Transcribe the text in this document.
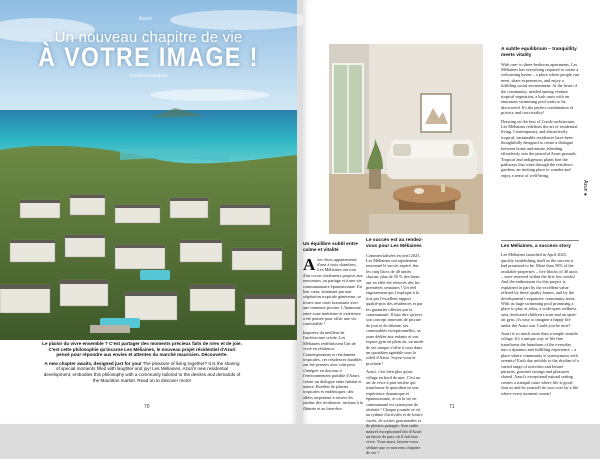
Azuri
Un nouveau chapitre de vie
À VOTRE IMAGE !
Par Elena Baubert

Le plaisir du vivre ensemble ? C'est partager des moments précieux faits de rires et de joie. C'est cette philosophie qu'incarne Les Méliaines, le nouveau projet résidentiel d'Azuri pensé pour répondre aux envies et attentes du marché mauricien. Découverte.

A new chapter awaits, designed just for you! The pleasure of living together? It is the sharing of special moments filled with laughter and joy! Les Méliaines, Azuri's new residential development, embodies this philosophy with a community tailored to the desires and demands of the Mauritian market. Read on to discover more!

70
Un équilibre subtil entre calme et vitalité

Avec leurs appartements d'une à trois chambres, Les Méliaines ont tout d'un cocon chaleureux propice aux rencontres, au partage et à une vie communautaire épanouissante. En leur cœur, dominant par une végétation tropicale généreuse, se trouve une oasis luxuriante avec une immense piscine. L'harmonie entre zone intérieure et extérieure a été pensée pour offrir une vie confortable !

Inspirées du meilleur de l'architecture créole, Les Méliaines redéfinissent l'art de vivre en résidence. Contemporaines et résolument tropicales, ces résidences durables ont été pensées avec soin pour s'intégrer en douceur à l'environnement paisible d'Azuri, créant un dialogue entre habitat et nature. Bordées de plantes tropicales et endémiques, des allées serpentent à travers les jardins des résidences, invitant à la flânerie et au bien-être.

Le succès est au rendez-vous pour Les Méliaines

Commercialisées en avril 2025, Les Méliaines ont rapidement rencontré le succès espéré. Sur les cinq blocs de 40 unités chacun, plus de 50 % des biens ont en effet été réservés dès les premières semaines ! Un réel engouement qui s'explique à la fois par l'excellent rapport qualité-prix des résidences et par les garanties offertes par la communauté. Il faut dire qu'avec son concept innovant de piscine de jour et de détente, ses commodités exceptionnelles, sa zone dédiée aux enfants et son espace gym en plein air, un mode de vie unique s'offre à vous dans un quotidien agréable sous le soleil d'Azuri. Soyez-vous le prochain !

Azuri, c'est bien plus qu'un village en bord de mer. C'est un art de vivre à part entière qui transforme le quotidien en une expérience dynamique et épanouissante, et où la vie en communauté est synonyme de sérénité ! Chaque journée se vit au rythme d'activités et de loisirs variés, de sorties gourmandes et de plaisirs partagés. Son cadre naturel exceptionnel fait d'Azuri un havre de paix où il fait bon vivre. Vous aussi, laissez-vous séduire par ce nouveau chapitre de vie !

A subtle equilibrium – tranquillity meets vitality

With one- to three-bedroom apartments, Les Méliaines has everything required to create a welcoming haven – a place where people can meet, share experiences, and enjoy a fulfilling social environment. At the heart of the community, nestled among verdant tropical vegetation, a lush oasis with an enormous swimming pool waits to be discovered. It's the perfect combination of privacy and conviviality!

Drawing on the best of Creole architecture, Les Méliaines redefines the art of residential living. Contemporary and distinctively tropical, sustainable residences have been thoughtfully designed to create a dialogue between home and nature, blending effortlessly into the peaceful Azuri grounds. Tropical and indigenous plants line the pathways that wind through the residence gardens, an inviting place to wander and enjoy a sense of well-being.

Les Méliaines, a success story

Les Méliaines launched in April 2025, quickly establishing itself as the success it had promised to be. More than 50% of the available properties – five blocks of 40 units – were reserved within the first few weeks! And the enthusiasm for this project is explained in part by the excellent value offered by these quality homes, and by the development's expansive community areas. With its huge swimming pool promising a place to play or relax, a wide-open wellness area, dedicated children's zone and an open-air gym, it's easy to imagine a happy life under the Azuri sun. Could you be next?

Azuri is so much more than a simple seaside village. It's a unique way of life that transforms the humdrum of the everyday into a dynamic and fulfilling experience – a place where community is synonymous with serenity! Each day unfolds to the rhythm of a varied range of activities and leisure pursuits, gourmet outings and pleasures shared. Azuri's exceptional natural setting creates a tranquil oasis where life is good. Join us and let yourself be won over by a life where every moment counts!

Azuri ●
71
